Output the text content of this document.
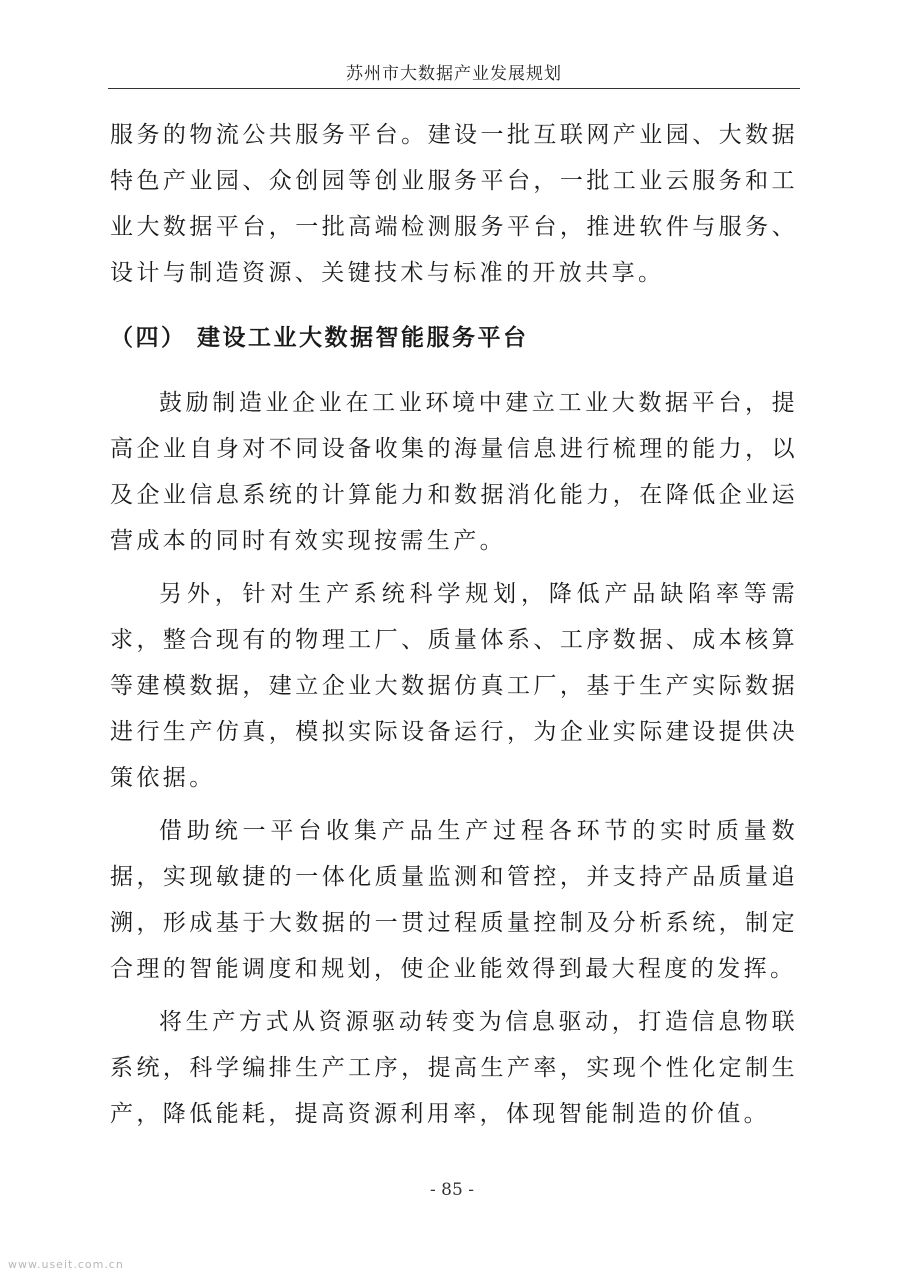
苏州市大数据产业发展规划

服务的物流公共服务平台。建设一批互联网产业园、大数据特色产业园、众创园等创业服务平台，一批工业云服务和工业大数据平台，一批高端检测服务平台，推进软件与服务、设计与制造资源、关键技术与标准的开放共享。

（四） 建设工业大数据智能服务平台

鼓励制造业企业在工业环境中建立工业大数据平台，提高企业自身对不同设备收集的海量信息进行梳理的能力，以及企业信息系统的计算能力和数据消化能力，在降低企业运营成本的同时有效实现按需生产。

另外，针对生产系统科学规划，降低产品缺陷率等需求，整合现有的物理工厂、质量体系、工序数据、成本核算等建模数据，建立企业大数据仿真工厂，基于生产实际数据进行生产仿真，模拟实际设备运行，为企业实际建设提供决策依据。

借助统一平台收集产品生产过程各环节的实时质量数据，实现敏捷的一体化质量监测和管控，并支持产品质量追溯，形成基于大数据的一贯过程质量控制及分析系统，制定合理的智能调度和规划，使企业能效得到最大程度的发挥。

将生产方式从资源驱动转变为信息驱动，打造信息物联系统，科学编排生产工序，提高生产率，实现个性化定制生产，降低能耗，提高资源利用率，体现智能制造的价值。

- 85 -
www.useit.com.cn
